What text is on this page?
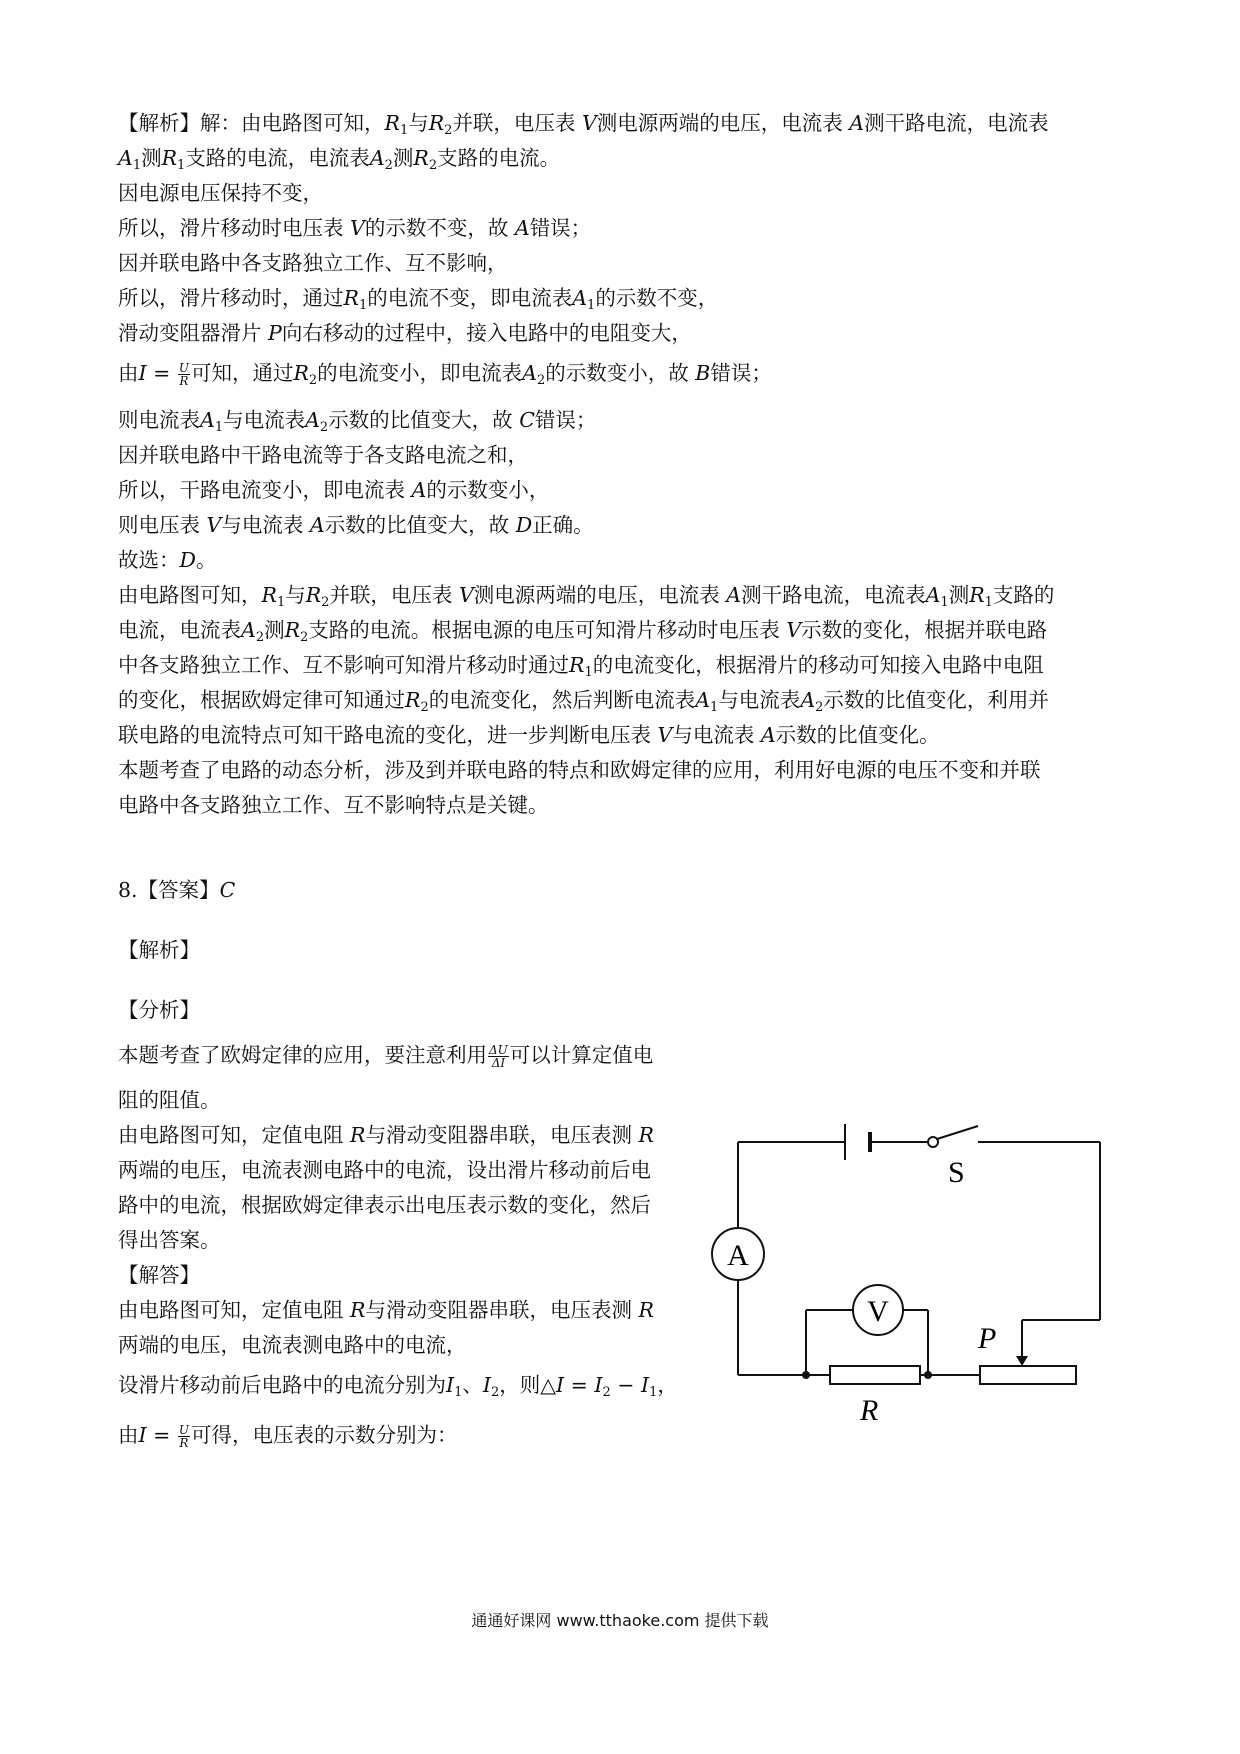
【解析】解：由电路图可知，$R_1$与$R_2$并联，电压表 V测电源两端的电压，电流表 A测干路电流，电流表
$A_1$测$R_1$支路的电流，电流表$A_2$测$R_2$支路的电流。
因电源电压保持不变，
所以，滑片移动时电压表 V的示数不变，故 A错误；
因并联电路中各支路独立工作、互不影响，
所以，滑片移动时，通过$R_1$的电流不变，即电流表$A_1$的示数不变，
滑动变阻器滑片 P向右移动的过程中，接入电路中的电阻变大，
由$I = \frac{U}{R}$ 可知，通过$R_2$的电流变小，即电流表$A_2$的示数变小，故 B错误；
则电流表$A_1$与电流表$A_2$示数的比值变大，故 C错误；
因并联电路中干路电流等于各支路电流之和，
所以，干路电流变小，即电流表 A的示数变小，
则电压表 V与电流表 A示数的比值变大，故 D正确。
故选：D。
由电路图可知，$R_1$与$R_2$并联，电压表 V测电源两端的电压，电流表 A测干路电流，电流表$A_1$测$R_1$支路的
电流，电流表$A_2$测$R_2$支路的电流。根据电源的电压可知滑片移动时电压表 V示数的变化，根据并联电路
中各支路独立工作、互不影响可知滑片移动时通过$R_1$的电流变化，根据滑片的移动可知接入电路中电阻
的变化，根据欧姆定律可知通过$R_2$的电流变化，然后判断电流表$A_1$与电流表$A_2$示数的比值变化，利用并
联电路的电流特点可知干路电流的变化，进一步判断电压表 V与电流表 A示数的比值变化。
本题考查了电路的动态分析，涉及到并联电路的特点和欧姆定律的应用，利用好电源的电压不变和并联
电路中各支路独立工作、互不影响特点是关键。
8.【答案】C
【解析】
【分析】
本题考查了欧姆定律的应用，要注意利用 $\frac{\Delta U}{\Delta I}$ 可以计算定值电
阻的阻值。
由电路图可知，定值电阻 R与滑动变阻器串联，电压表测 R
两端的电压，电流表测电路中的电流，设出滑片移动前后电
路中的电流，根据欧姆定律表示出电压表示数的变化，然后
得出答案。
【解答】
由电路图可知，定值电阻 R与滑动变阻器串联，电压表测 R
两端的电压，电流表测电路中的电流，
设滑片移动前后电路中的电流分别为$I_1$、$I_2$，则△I = $I_2 - I_1$，
由$I = \frac{U}{R}$ 可得，电压表的示数分别为：
S
A
V
R
P
通通好课网 www.tthaoke.com 提供下载
